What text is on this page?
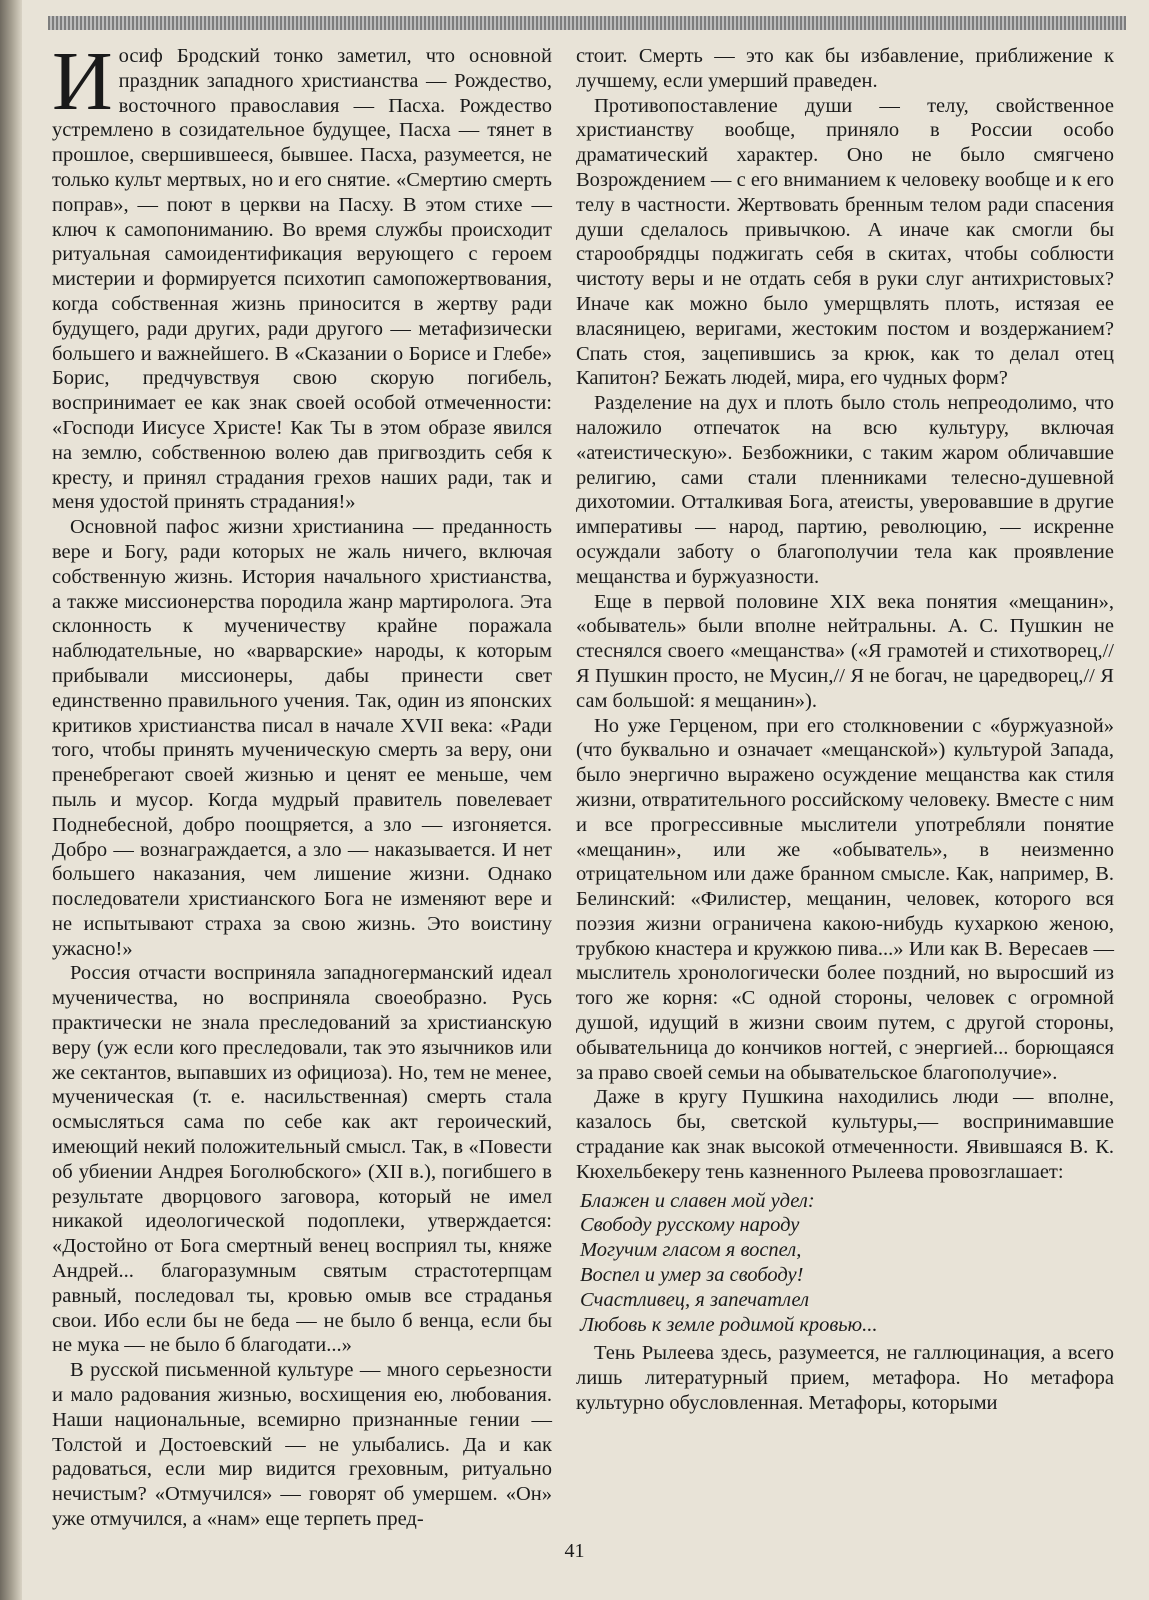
Иосиф Бродский тонко заметил, что основной праздник западного христианства — Рождество, восточного православия — Пасха. Рождество устремлено в созидательное будущее, Пасха — тянет в прошлое, свершившееся, бывшее. Пасха, разумеется, не только культ мертвых, но и его снятие. «Смертию смерть поправ», — поют в церкви на Пасху. В этом стихе — ключ к самопониманию. Во время службы происходит ритуальная самоидентификация верующего с героем мистерии и формируется психотип самопожертвования, когда собственная жизнь приносится в жертву ради будущего, ради других, ради другого — метафизически большего и важнейшего. В «Сказании о Борисе и Глебе» Борис, предчувствуя свою скорую погибель, воспринимает ее как знак своей особой отмеченности: «Господи Иисусе Христе! Как Ты в этом образе явился на землю, собственною волею дав пригвоздить себя к кресту, и принял страдания грехов наших ради, так и меня удостой принять страдания!»

Основной пафос жизни христианина — преданность вере и Богу, ради которых не жаль ничего, включая собственную жизнь. История начального христианства, а также миссионерства породила жанр мартиролога. Эта склонность к мученичеству крайне поражала наблюдательные, но «варварские» народы, к которым прибывали миссионеры, дабы принести свет единственно правильного учения. Так, один из японских критиков христианства писал в начале XVII века: «Ради того, чтобы принять мученическую смерть за веру, они пренебрегают своей жизнью и ценят ее меньше, чем пыль и мусор. Когда мудрый правитель повелевает Поднебесной, добро поощряется, а зло — изгоняется. Добро — вознаграждается, а зло — наказывается. И нет большего наказания, чем лишение жизни. Однако последователи христианского Бога не изменяют вере и не испытывают страха за свою жизнь. Это воистину ужасно!»

Россия отчасти восприняла западногерманский идеал мученичества, но восприняла своеобразно. Русь практически не знала преследований за христианскую веру (уж если кого преследовали, так это язычников или же сектантов, выпавших из официоза). Но, тем не менее, мученическая (т. е. насильственная) смерть стала осмысляться сама по себе как акт героический, имеющий некий положительный смысл. Так, в «Повести об убиении Андрея Боголюбского» (XII в.), погибшего в результате дворцового заговора, который не имел никакой идеологической подоплеки, утверждается: «Достойно от Бога смертный венец восприял ты, княже Андрей... благоразумным святым страстотерпцам равный, последовал ты, кровью омыв все страданья свои. Ибо если бы не беда — не было б венца, если бы не мука — не было б благодати...»

В русской письменной культуре — много серьезности и мало радования жизнью, восхищения ею, любования. Наши национальные, всемирно признанные гении — Толстой и Достоевский — не улыбались. Да и как радоваться, если мир видится греховным, ритуально нечистым? «Отмучился» — говорят об умершем. «Он» уже отмучился, а «нам» еще терпеть пред-

стоит. Смерть — это как бы избавление, приближение к лучшему, если умерший праведен.

Противопоставление души — телу, свойственное христианству вообще, приняло в России особо драматический характер. Оно не было смягчено Возрождением — с его вниманием к человеку вообще и к его телу в частности. Жертвовать бренным телом ради спасения души сделалось привычкою. А иначе как смогли бы старообрядцы поджигать себя в скитах, чтобы соблюсти чистоту веры и не отдать себя в руки слуг антихристовых? Иначе как можно было умерщвлять плоть, истязая ее власяницею, веригами, жестоким постом и воздержанием? Спать стоя, зацепившись за крюк, как то делал отец Капитон? Бежать людей, мира, его чудных форм?

Разделение на дух и плоть было столь непреодолимо, что наложило отпечаток на всю культуру, включая «атеистическую». Безбожники, с таким жаром обличавшие религию, сами стали пленниками телесно-душевной дихотомии. Отталкивая Бога, атеисты, уверовавшие в другие императивы — народ, партию, революцию, — искренне осуждали заботу о благополучии тела как проявление мещанства и буржуазности.

Еще в первой половине XIX века понятия «мещанин», «обыватель» были вполне нейтральны. А. С. Пушкин не стеснялся своего «мещанства» («Я грамотей и стихотворец,// Я Пушкин просто, не Мусин,// Я не богач, не царедворец,// Я сам большой: я мещанин»).

Но уже Герценом, при его столкновении с «буржуазной» (что буквально и означает «мещанской») культурой Запада, было энергично выражено осуждение мещанства как стиля жизни, отвратительного российскому человеку. Вместе с ним и все прогрессивные мыслители употребляли понятие «мещанин», или же «обыватель», в неизменно отрицательном или даже бранном смысле. Как, например, В. Белинский: «Филистер, мещанин, человек, которого вся поэзия жизни ограничена какою-нибудь кухаркою женою, трубкою кнастера и кружкою пива...» Или как В. Вересаев — мыслитель хронологически более поздний, но выросший из того же корня: «С одной стороны, человек с огромной душой, идущий в жизни своим путем, с другой стороны, обывательница до кончиков ногтей, с энергией... борющаяся за право своей семьи на обывательское благополучие».

Даже в кругу Пушкина находились люди — вполне, казалось бы, светской культуры,— воспринимавшие страдание как знак высокой отмеченности. Явившаяся В. К. Кюхельбекеру тень казненного Рылеева провозглашает:

Блажен и славен мой удел:
Свободу русскому народу
Могучим гласом я воспел,
Воспел и умер за свободу!
Счастливец, я запечатлел
Любовь к земле родимой кровью...

Тень Рылеева здесь, разумеется, не галлюцинация, а всего лишь литературный прием, метафора. Но метафора культурно обусловленная. Метафоры, которыми

41
